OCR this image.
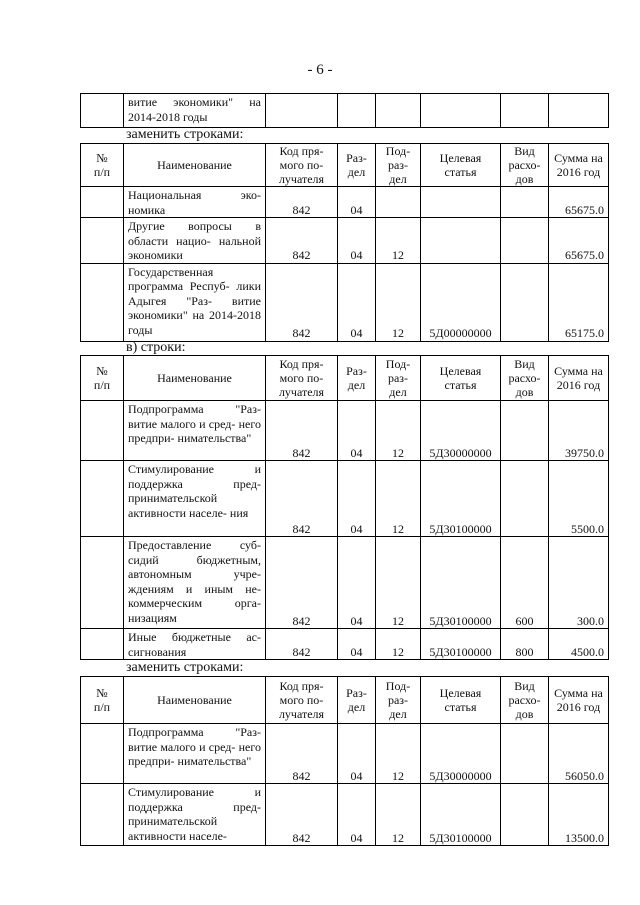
- 6 -
	витие экономики" на 2014-2018 годы						
заменить строками:
№
п/п	Наименование	Код пря-
мого по-
лучателя	Раз-
дел	Под-
раз-
дел	Целевая
статья	Вид
расхо-
дов	Сумма на
2016 год
	Национальная эко- номика	842	04				65675.0
	Другие вопросы в области нацио- нальной экономики	842	04	12			65675.0
	Государственная программа Респуб- лики Адыгея "Раз- витие экономики" на 2014-2018 годы	842	04	12	5Д00000000		65175.0
в) строки:
№
п/п	Наименование	Код пря-
мого по-
лучателя	Раз-
дел	Под-
раз-
дел	Целевая
статья	Вид
расхо-
дов	Сумма на
2016 год
	Подпрограмма "Раз- витие малого и сред- него предпри- нимательства"	842	04	12	5Д30000000		39750.0
	Стимулирование и поддержка пред- принимательской активности населе- ния	842	04	12	5Д30100000		5500.0
	Предоставление суб- сидий бюджетным, автономным учре- ждениям и иным не- коммерческим орга- низациям	842	04	12	5Д30100000	600	300.0
	Иные бюджетные ас- сигнования	842	04	12	5Д30100000	800	4500.0
заменить строками:
№
п/п	Наименование	Код пря-
мого по-
лучателя	Раз-
дел	Под-
раз-
дел	Целевая
статья	Вид
расхо-
дов	Сумма на
2016 год
	Подпрограмма "Раз- витие малого и сред- него предпри- нимательства"	842	04	12	5Д30000000		56050.0
	Стимулирование и поддержка пред- принимательской активности населе-	842	04	12	5Д30100000		13500.0
